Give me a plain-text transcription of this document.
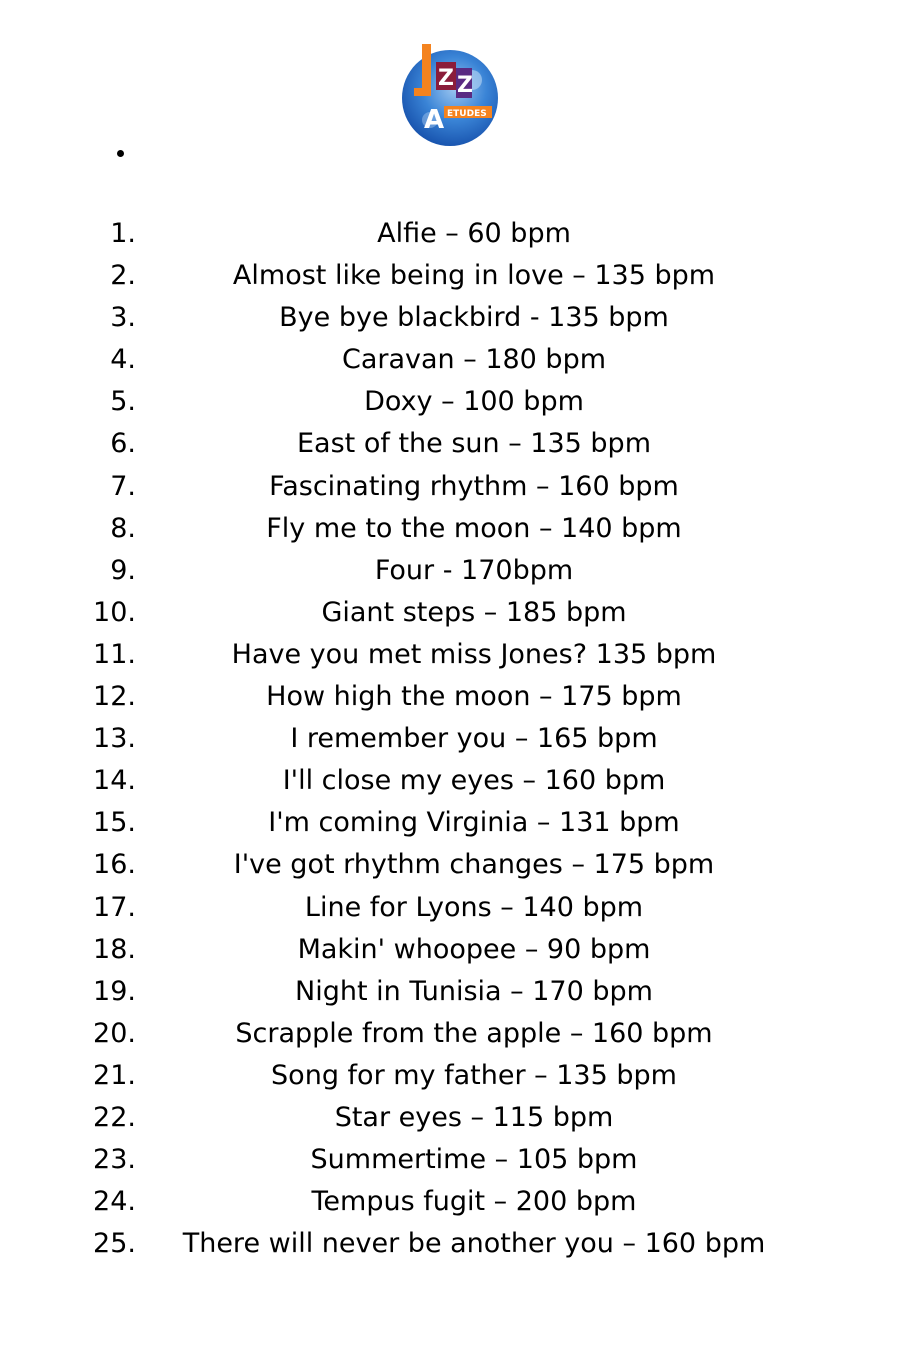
J
Z Z
A ETUDES
1.	Alfie – 60 bpm
2.	Almost like being in love – 135 bpm
3.	Bye bye blackbird - 135 bpm
4.	Caravan – 180 bpm
5.	Doxy – 100 bpm
6.	East of the sun – 135 bpm
7.	Fascinating rhythm – 160 bpm
8.	Fly me to the moon – 140 bpm
9.	Four - 170bpm
10.	Giant steps – 185 bpm
11.	Have you met miss Jones? 135 bpm
12.	How high the moon – 175 bpm
13.	I remember you – 165 bpm
14.	I'll close my eyes – 160 bpm
15.	I'm coming Virginia – 131 bpm
16.	I've got rhythm changes – 175 bpm
17.	Line for Lyons – 140 bpm
18.	Makin' whoopee – 90 bpm
19.	Night in Tunisia – 170 bpm
20.	Scrapple from the apple – 160 bpm
21.	Song for my father – 135 bpm
22.	Star eyes – 115 bpm
23.	Summertime – 105 bpm
24.	Tempus fugit – 200 bpm
25.	There will never be another you – 160 bpm
